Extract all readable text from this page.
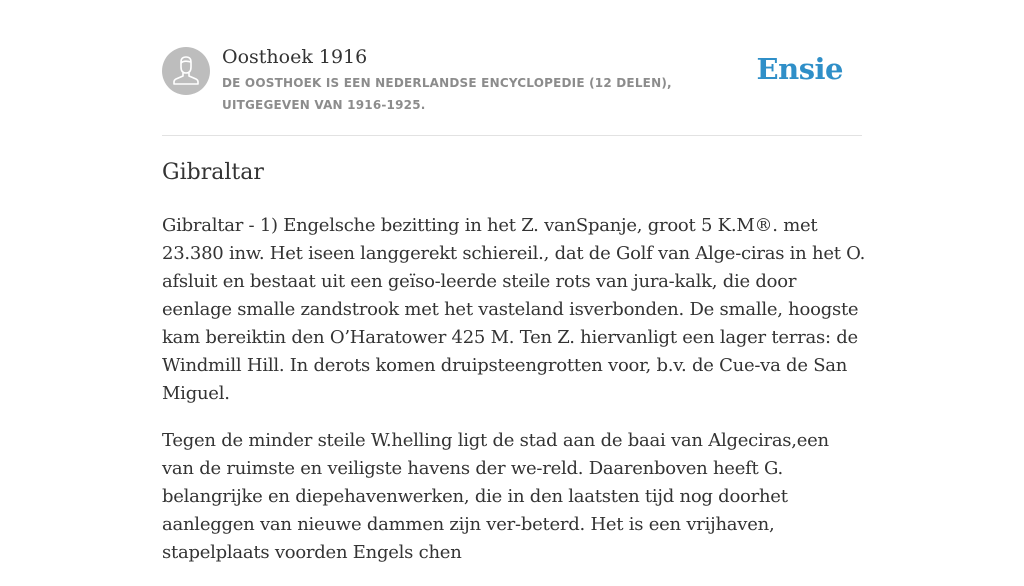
Oosthoek 1916
DE OOSTHOEK IS EEN NEDERLANDSE ENCYCLOPEDIE (12 DELEN), UITGEGEVEN VAN 1916-1925.
Ensie
Gibraltar

Gibraltar - 1) Engelsche bezitting in het Z. vanSpanje, groot 5 K.M®. met 23.380 inw. Het iseen langgerekt schiereil., dat de Golf van Alge-ciras in het O. afsluit en bestaat uit een geïso-leerde steile rots van jura-kalk, die door eenlage smalle zandstrook met het vasteland isverbonden. De smalle, hoogste kam bereiktin den O’Haratower 425 M. Ten Z. hiervanligt een lager terras: de Windmill Hill. In derots komen druipsteengrotten voor, b.v. de Cue-va de San Miguel.

Tegen de minder steile W.helling ligt de stad aan de baai van Algeciras,een van de ruimste en veiligste havens der we-reld. Daarenboven heeft G. belangrijke en diepehavenwerken, die in den laatsten tijd nog doorhet aanleggen van nieuwe dammen zijn ver-beterd. Het is een vrijhaven, stapelplaats voorden Engels chen
